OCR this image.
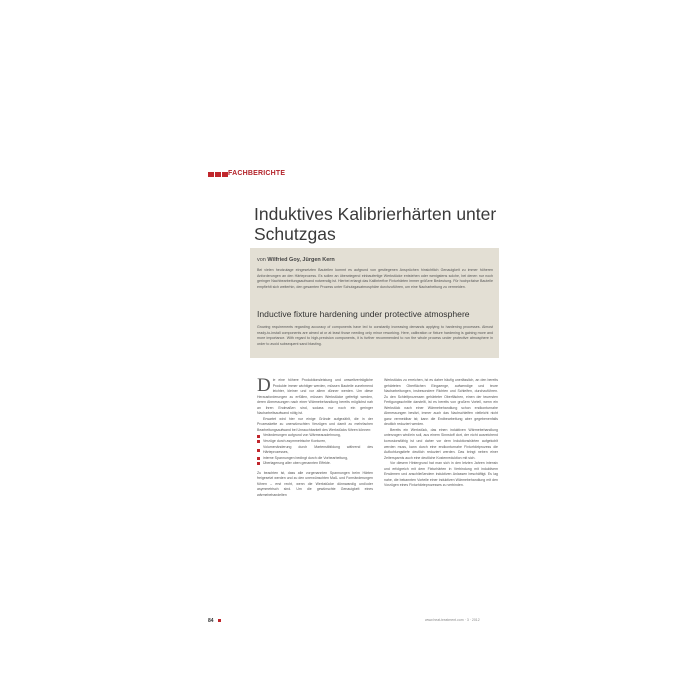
FACHBERICHTE
Induktives Kalibrierhärten unter Schutzgas
von Wilfried Goy, Jürgen Kern
Bei vielen heutzutage eingesetzten Bauteilen kommt es aufgrund von gestiegenen Ansprüchen hinsichtlich Genauigkeit zu immer höheren Anforderungen an den Härteprozess. Es sollen an überwiegend einbaufertige Werkstücke entstehen oder wenigstens solche, bei denen nur noch geringer Nachbearbeitungsaufwand notwendig ist. Hierbei erlangt das Kalibrierfixe Fixturhärten immer größere Bedeutung. Für hochpräzise Bauteile empfiehlt sich weiterhin, den gesamten Prozess unter Schutzgasatmosphäre durchzuführen, um eine Nacharbeitung zu vermeiden.
Inductive fixture hardening under protective atmosphere
Growing requirements regarding accuracy of components have led to constantly increasing demands applying to hardening processes. Almost ready-to-install components are aimed at or at least those needing only minor reworking. Here, calibration or fixture hardening is gaining more and more importance. With regard to high-precision components, it is further recommended to run the whole process under protective atmosphere in order to avoid subsequent sand blasting.

Die eine höhere Produktionsleistung und umweltverträgliche Produkte immer wichtiger werden, müssen Bauteile zunehmend leichter, kleiner und vor allem dünner werden. Um diese Herausforderungen zu erfüllen, müssen Werkstücke gefertigt werden, deren Abmessungen nach einer Wärmebehandlung bereits möglichst nah an ihren Endmaßen sind, sodass nur noch ein geringer Nacharbeitsaufwand nötig ist.

Erwartet wird hier nur einige Gründe aufgezählt, die in der Prozesskette zu unerwünschten Verzügen und damit zu mehrfachen Bearbeitungsaufwand bei Unrauchbarkeit des Werkstücks führen können:

Veränderungen aufgrund von Wärmeausdehnung,
Verzüge durch asymmetrische Konturen,
Volumenänderung durch Martensitbildung während des Härteprozesses,
interne Spannungen bedingt durch die Vorbearbeitung,
Überlagerung aller oben genannten Effekte.

Zu beachten ist, dass alle vorgenannten Spannungen beim Härten freigesetzt werden und zu den unerwünschten Maß- und Formänderungen führen – erst recht, wenn die Werkstücke dünnwandig und/oder asymmetrisch sind. Um die gewünschte Genauigkeit eines wärmebehandelten

Werkstücks zu erreichen, ist es daher häufig unerlässlich, an den bereits gehärteten Oberflächen Eingaenge, aufwendige und teure Nacharbeitungen, insbesondere Richten und Schleifen, durchzuführen. Zu den Schleifprozessen gehärteter Oberflächen, einen der teuersten Fertigungsschritte darstellt, ist es bereits von großem Vorteil, wenn ein Werkstück nach einer Wärmebehandlung schon endkonturnahe Abmessungen besitzt, immer auch das Nachschleifen vielleicht nicht ganz vermeidbar ist; kann die Endbearbeitung aber gegebenenfalls deutlich reduziert werden.

Bereits ein Werkstück, das einen induktiven Wärmebehandlung unterzogen wird/ein soll, aus einem Sinnstoff dort, der nicht ausreichend korrosionsfähig ist und daher vor dem Induktionshärten aufgekohlt werden muss, kann durch eine endkonturnahe Fixturhärtprozess die Aufkohlungstiefe deutlich reduziert werden. Das bringt neben einer Zeitersparnis auch eine deutliche Kostenreduktion mit sich.

Vor diesem Hintergrund hat man sich in den letzten Jahren intensiv und erfolgreich mit dem Fixturhärten in Verbindung mit induktivem Erwärmen und anschließendem induktiven Anlassen beschäftigt. Es lag nahe, die bekannten Vorteile einer induktiven Wärmebehandlung mit den Vorzügen eines Fixturhärteprozesses zu verbinden.

84	www.heat-treatment.com · 3 · 2012
